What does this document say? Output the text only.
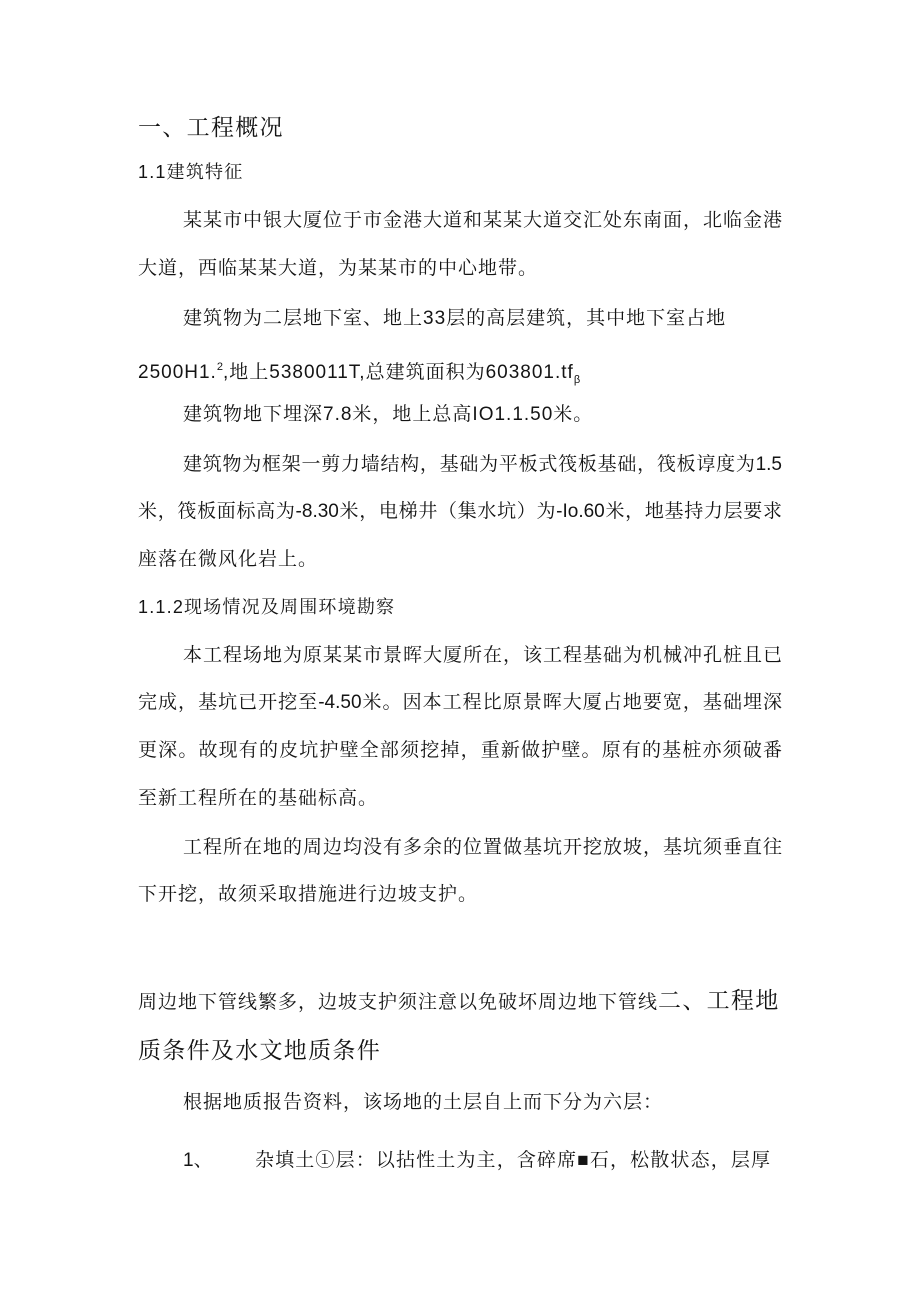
一、工程概况
1.1建筑特征
某某市中银大厦位于市金港大道和某某大道交汇处东南面，北临金港
大道，西临某某大道，为某某市的中心地带。
建筑物为二层地下室、地上33层的高层建筑，其中地下室占地
2500H1.$^2$,地上5380011T,总建筑面积为$603801.tf_\beta$
建筑物地下埋深7.8米，地上总高IO1.1.50米。
建筑物为框架一剪力墙结构，基础为平板式筏板基础，筏板谆度为1.5
米，筏板面标高为-8.30米，电梯井（集水坑）为-Io.60米，地基持力层要求
座落在微风化岩上。
1.1.2现场情况及周围环境勘察
本工程场地为原某某市景晖大厦所在，该工程基础为机械冲孔桩且已
完成，基坑已开挖至-4.50米。因本工程比原景晖大厦占地要宽，基础埋深
更深。故现有的皮坑护壁全部须挖掉，重新做护壁。原有的基桩亦须破番
至新工程所在的基础标高。
工程所在地的周边均没有多余的位置做基坑开挖放坡，基坑须垂直往
下开挖，故须采取措施进行边坡支护。
周边地下管线繁多，边坡支护须注意以免破坏周边地下管线二、工程地
质条件及水文地质条件
根据地质报告资料，该场地的土层自上而下分为六层：
1、 杂填土①层：以拈性土为主，含碎席■石，松散状态，层厚
